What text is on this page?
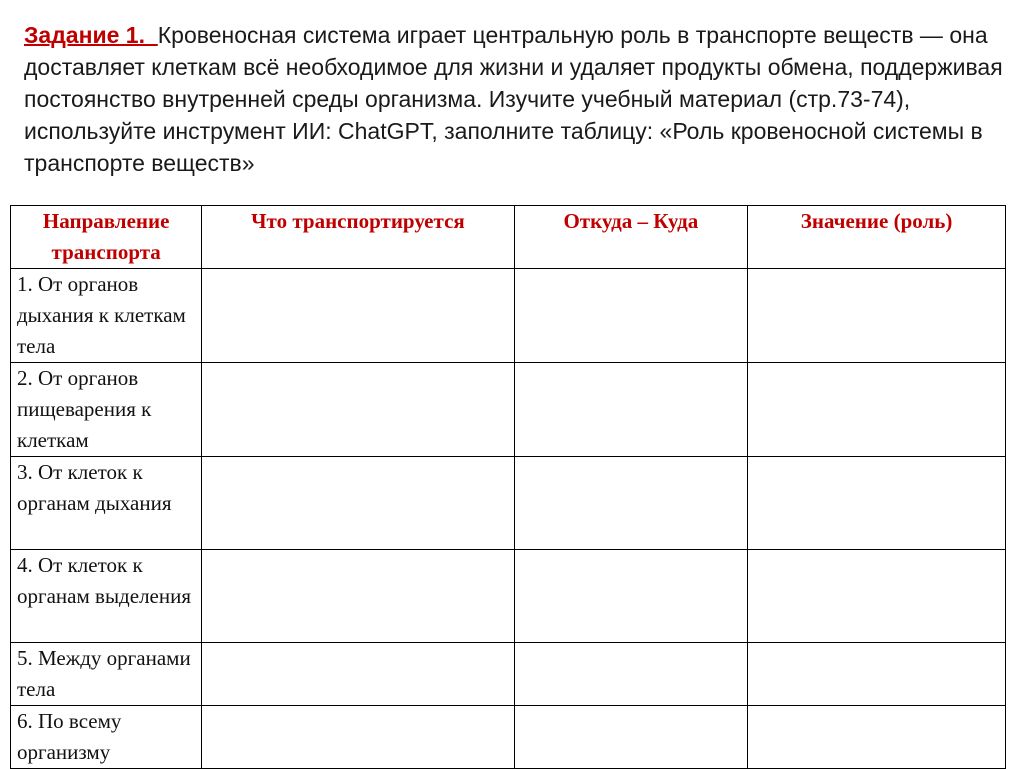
Задание 1. Кровеносная система играет центральную роль в транспорте веществ — она доставляет клеткам всё необходимое для жизни и удаляет продукты обмена, поддерживая постоянство внутренней среды организма. Изучите учебный материал (стр.73-74), используйте инструмент ИИ: ChatGPT, заполните таблицу: «Роль кровеносной системы в транспорте веществ»
Направление транспорта	Что транспортируется	Откуда – Куда	Значение (роль)
1. От органов дыхания к клеткам тела			
2. От органов пищеварения к клеткам			
3. От клеток к органам дыхания			
4. От клеток к органам выделения			
5. Между органами тела			
6. По всему организму			
